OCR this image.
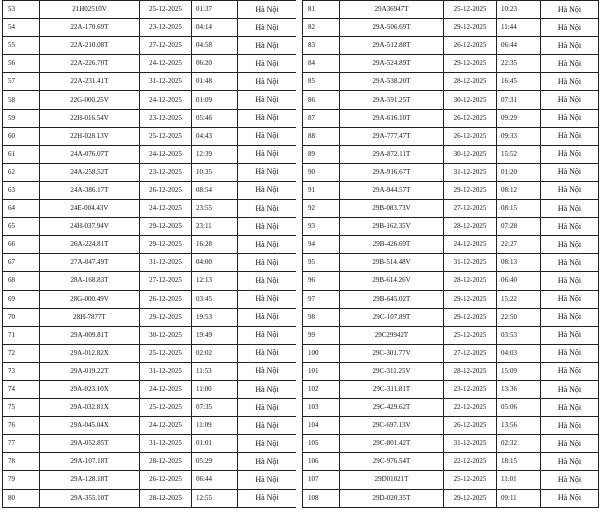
53	21H02510V	25-12-2025	01:37	Hà Nội
54	22A-170.69T	23-12-2025	04:14	Hà Nội
55	22A-210.08T	27-12-2025	04:58	Hà Nội
56	22A-226.70T	24-12-2025	06:20	Hà Nội
57	22A-231.41T	31-12-2025	01:48	Hà Nội
58	22G-000.25V	24-12-2025	01:09	Hà Nội
59	22H-016.54V	23-12-2025	05:46	Hà Nội
60	22H-028.13V	25-12-2025	04:43	Hà Nội
61	24A-076.07T	24-12-2025	12:39	Hà Nội
62	24A-258.52T	23-12-2025	10:35	Hà Nội
63	24A-386.17T	26-12-2025	08:54	Hà Nội
64	24E-004.43V	24-12-2025	23:55	Hà Nội
65	24H-037.94V	29-12-2025	23:11	Hà Nội
66	26A-224.81T	29-12-2025	16:28	Hà Nội
67	27A-047.49T	31-12-2025	04:00	Hà Nội
68	28A-168.83T	27-12-2025	12:13	Hà Nội
69	28G-000.49V	26-12-2025	03:45	Hà Nội
70	28H-7877T	29-12-2025	19:53	Hà Nội
71	29A-009.81T	30-12-2025	19:49	Hà Nội
72	29A-012.82X	25-12-2025	02:02	Hà Nội
73	29A-019.22T	31-12-2025	11:53	Hà Nội
74	29A-023.10X	24-12-2025	11:00	Hà Nội
75	29A-032.81X	25-12-2025	07:35	Hà Nội
76	29A-045.04X	24-12-2025	11:09	Hà Nội
77	29A-052.85T	31-12-2025	01:01	Hà Nội
78	29A-107.18T	28-12-2025	05:29	Hà Nội
79	29A-128.18T	26-12-2025	06:44	Hà Nội
80	29A-355.10T	28-12-2025	12:55	Hà Nội
81	29A36947T	25-12-2025	10:23	Hà Nội
82	29A-506.69T	29-12-2025	11:44	Hà Nội
83	29A-512.88T	26-12-2025	06:44	Hà Nội
84	29A-524.89T	29-12-2025	22:35	Hà Nội
85	29A-538.20T	28-12-2025	16:45	Hà Nội
86	29A-591.25T	30-12-2025	07:31	Hà Nội
87	29A-616.10T	26-12-2025	09:29	Hà Nội
88	29A-777.47T	26-12-2025	09:33	Hà Nội
89	29A-872.11T	30-12-2025	15:52	Hà Nội
90	29A-916.67T	31-12-2025	01:20	Hà Nội
91	29A-944.57T	29-12-2025	08:12	Hà Nội
92	29B-083.73V	27-12-2025	08:15	Hà Nội
93	29B-162.35V	28-12-2025	07:28	Hà Nội
94	29B-426.69T	24-12-2025	22:27	Hà Nội
95	29B-514.48V	31-12-2025	08:13	Hà Nội
96	29B-614.26V	28-12-2025	06:40	Hà Nội
97	29B-645.02T	29-12-2025	15:22	Hà Nội
98	29C-107.89T	29-12-2025	22:50	Hà Nội
99	29C29942T	25-12-2025	03:53	Hà Nội
100	29C-301.77V	27-12-2025	04:03	Hà Nội
101	29C-311.25V	28-12-2025	15:09	Hà Nội
102	29C-311.81T	23-12-2025	13:36	Hà Nội
103	29C-429.62T	22-12-2025	05:06	Hà Nội
104	29C-697.13V	26-12-2025	13:56	Hà Nội
105	29C-801.42T	31-12-2025	02:32	Hà Nội
106	29C-976.54T	22-12-2025	18:15	Hà Nội
107	29D01021T	25-12-2025	11:01	Hà Nội
108	29D-020.35T	29-12-2025	09:11	Hà Nội
